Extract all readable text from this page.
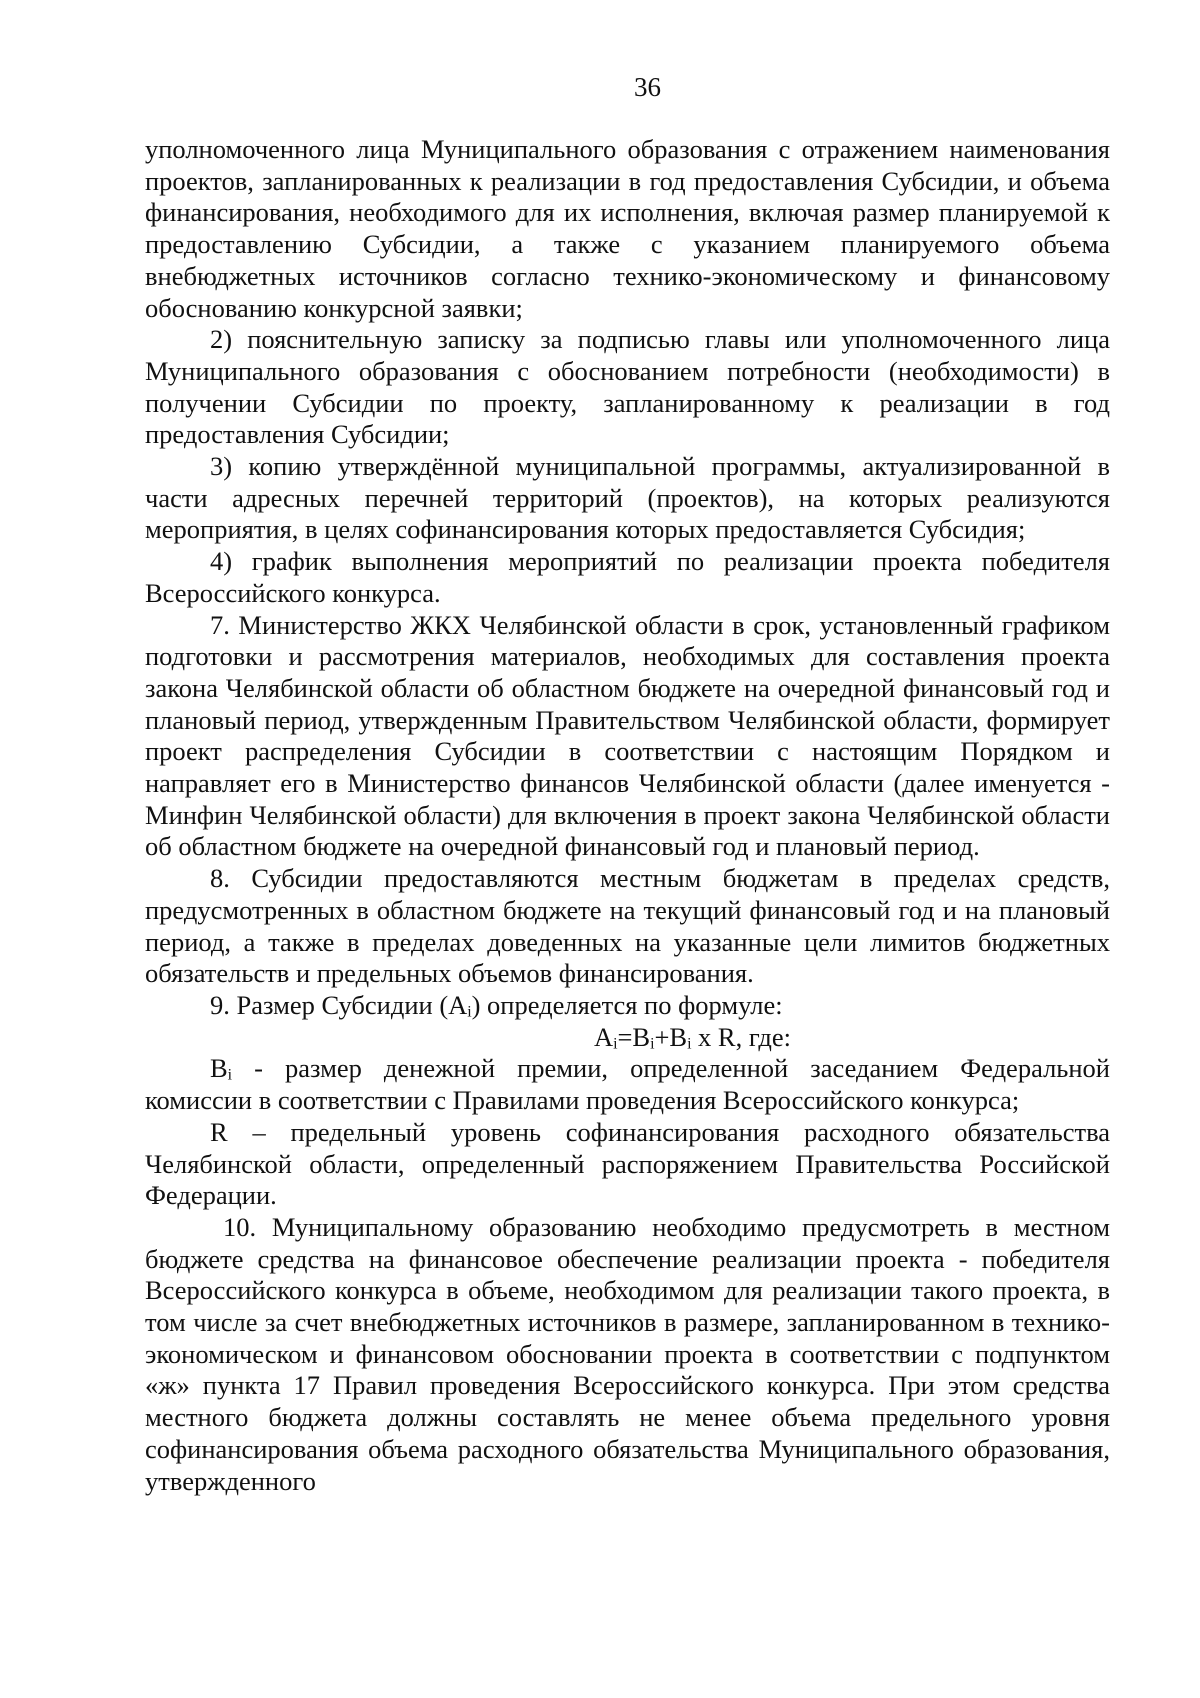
36

уполномоченного лица Муниципального образования с отражением наименования проектов, запланированных к реализации в год предоставления Субсидии, и объема финансирования, необходимого для их исполнения, включая размер планируемой к предоставлению Субсидии, а также с указанием планируемого объема внебюджетных источников согласно технико-экономическому и финансовому обоснованию конкурсной заявки;

2) пояснительную записку за подписью главы или уполномоченного лица Муниципального образования с обоснованием потребности (необходимости) в получении Субсидии по проекту, запланированному к реализации в год предоставления Субсидии;

3) копию утверждённой муниципальной программы, актуализированной в части адресных перечней территорий (проектов), на которых реализуются мероприятия, в целях софинансирования которых предоставляется Субсидия;

4) график выполнения мероприятий по реализации проекта победителя Всероссийского конкурса.

7. Министерство ЖКХ Челябинской области в срок, установленный графиком подготовки и рассмотрения материалов, необходимых для составления проекта закона Челябинской области об областном бюджете на очередной финансовый год и плановый период, утвержденным Правительством Челябинской области, формирует проект распределения Субсидии в соответствии с настоящим Порядком и направляет его в Министерство финансов Челябинской области (далее именуется - Минфин Челябинской области) для включения в проект закона Челябинской области об областном бюджете на очередной финансовый год и плановый период.

8. Субсидии предоставляются местным бюджетам в пределах средств, предусмотренных в областном бюджете на текущий финансовый год и на плановый период, а также в пределах доведенных на указанные цели лимитов бюджетных обязательств и предельных объемов финансирования.

9. Размер Субсидии (Aᵢ) определяется по формуле:

Aᵢ=Bᵢ+Bᵢ x R, где:

Bᵢ - размер денежной премии, определенной заседанием Федеральной комиссии в соответствии с Правилами проведения Всероссийского конкурса;

R – предельный уровень софинансирования расходного обязательства Челябинской области, определенный распоряжением Правительства Российской Федерации.

10. Муниципальному образованию необходимо предусмотреть в местном бюджете средства на финансовое обеспечение реализации проекта - победителя Всероссийского конкурса в объеме, необходимом для реализации такого проекта, в том числе за счет внебюджетных источников в размере, запланированном в технико-экономическом и финансовом обосновании проекта в соответствии с подпунктом «ж» пункта 17 Правил проведения Всероссийского конкурса. При этом средства местного бюджета должны составлять не менее объема предельного уровня софинансирования объема расходного обязательства Муниципального образования, утвержденного
